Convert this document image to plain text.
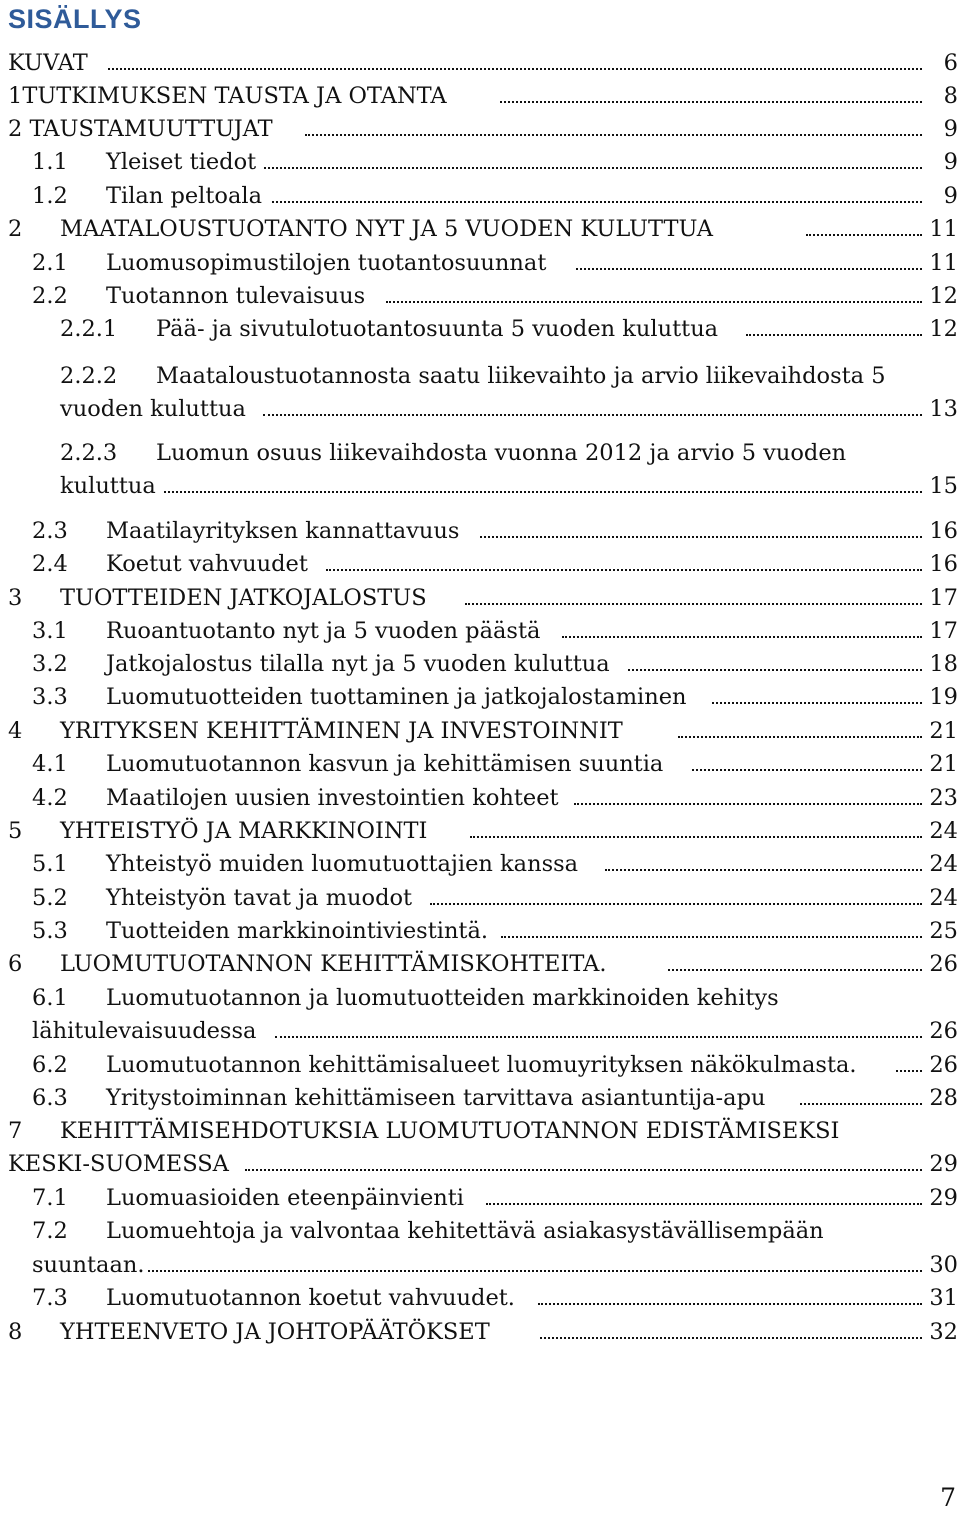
SISÄLLYS
KUVAT	6
1TUTKIMUKSEN TAUSTA JA OTANTA	8
2 TAUSTAMUUTTUJAT	9
1.1 Yleiset tiedot	9
1.2 Tilan peltoala	9
2 MAATALOUSTUOTANTO NYT JA 5 VUODEN KULUTTUA	11
2.1 Luomusopimustilojen tuotantosuunnat	11
2.2 Tuotannon tulevaisuus	12
2.2.1 Pää- ja sivutulotuotantosuunta 5 vuoden kuluttua	12
2.2.2 Maataloustuotannosta saatu liikevaihto ja arvio liikevaihdosta 5
vuoden kuluttua	13
2.2.3 Luomun osuus liikevaihdosta vuonna 2012 ja arvio 5 vuoden
kuluttua	15
2.3 Maatilayrityksen kannattavuus	16
2.4 Koetut vahvuudet	16
3 TUOTTEIDEN JATKOJALOSTUS	17
3.1 Ruoantuotanto nyt ja 5 vuoden päästä	17
3.2 Jatkojalostus tilalla nyt ja 5 vuoden kuluttua	18
3.3 Luomutuotteiden tuottaminen ja jatkojalostaminen	19
4 YRITYKSEN KEHITTÄMINEN JA INVESTOINNIT	21
4.1 Luomutuotannon kasvun ja kehittämisen suuntia	21
4.2 Maatilojen uusien investointien kohteet	23
5 YHTEISTYÖ JA MARKKINOINTI	24
5.1 Yhteistyö muiden luomutuottajien kanssa	24
5.2 Yhteistyön tavat ja muodot	24
5.3 Tuotteiden markkinointiviestintä.	25
6 LUOMUTUOTANNON KEHITTÄMISKOHTEITA.	26
6.1 Luomutuotannon ja luomutuotteiden markkinoiden kehitys
lähitulevaisuudessa	26
6.2 Luomutuotannon kehittämisalueet luomuyrityksen näkökulmasta.	26
6.3 Yritystoiminnan kehittämiseen tarvittava asiantuntija-apu	28
7 KEHITTÄMISEHDOTUKSIA LUOMUTUOTANNON EDISTÄMISEKSI
KESKI-SUOMESSA	29
7.1 Luomuasioiden eteenpäinvienti	29
7.2 Luomuehtoja ja valvontaa kehitettävä asiakasystävällisempään
suuntaan.	30
7.3 Luomutuotannon koetut vahvuudet.	31
8 YHTEENVETO JA JOHTOPÄÄTÖKSET	32
7
